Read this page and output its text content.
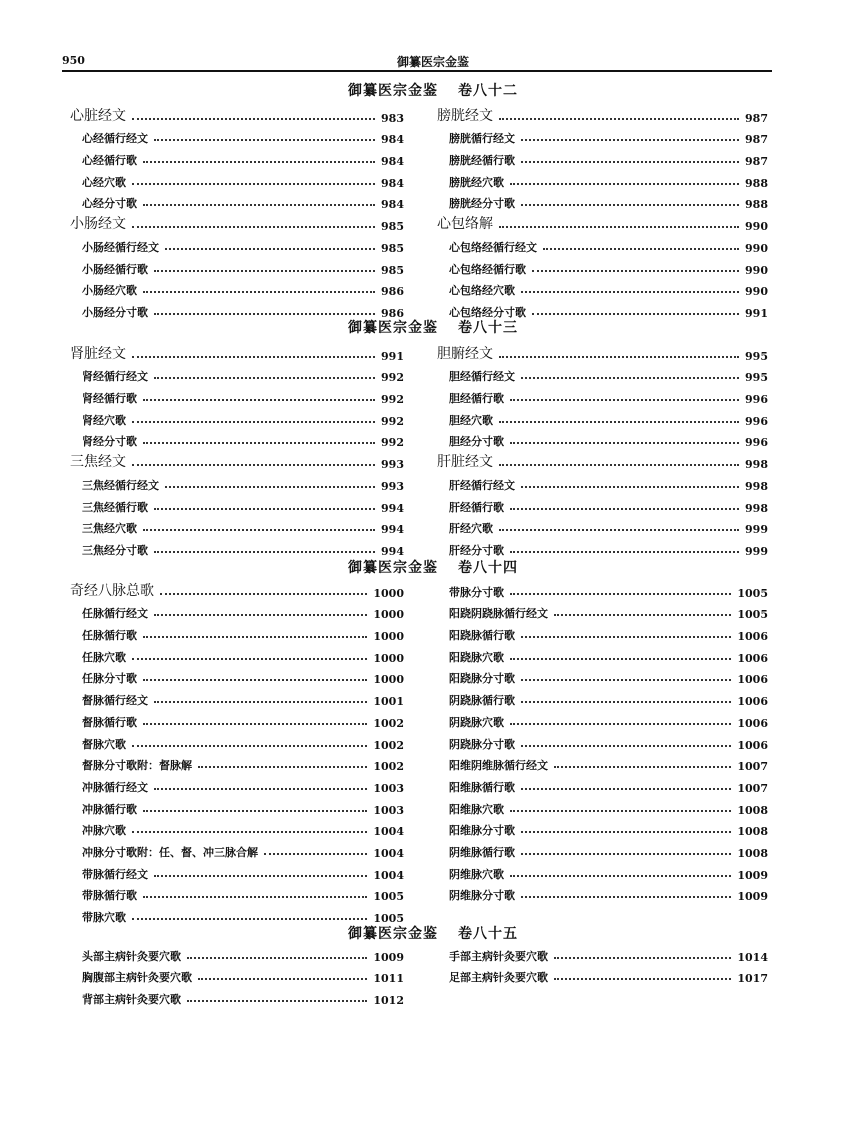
950	御纂医宗金鉴
御纂医宗金鉴 卷八十二
心脏经文	983
心经循行经文	984
心经循行歌	984
心经穴歌	984
心经分寸歌	984
小肠经文	985
小肠经循行经文	985
小肠经循行歌	985
小肠经穴歌	986
小肠经分寸歌	986
膀胱经文	987
膀胱循行经文	987
膀胱经循行歌	987
膀胱经穴歌	988
膀胱经分寸歌	988
心包络解	990
心包络经循行经文	990
心包络经循行歌	990
心包络经穴歌	990
心包络经分寸歌	991
御纂医宗金鉴 卷八十三
肾脏经文	991
肾经循行经文	992
肾经循行歌	992
肾经穴歌	992
肾经分寸歌	992
三焦经文	993
三焦经循行经文	993
三焦经循行歌	994
三焦经穴歌	994
三焦经分寸歌	994
胆腑经文	995
胆经循行经文	995
胆经循行歌	996
胆经穴歌	996
胆经分寸歌	996
肝脏经文	998
肝经循行经文	998
肝经循行歌	998
肝经穴歌	999
肝经分寸歌	999
御纂医宗金鉴 卷八十四
奇经八脉总歌	1000
任脉循行经文	1000
任脉循行歌	1000
任脉穴歌	1000
任脉分寸歌	1000
督脉循行经文	1001
督脉循行歌	1002
督脉穴歌	1002
督脉分寸歌附：督脉解	1002
冲脉循行经文	1003
冲脉循行歌	1003
冲脉穴歌	1004
冲脉分寸歌附：任、督、冲三脉合解	1004
带脉循行经文	1004
带脉循行歌	1005
带脉穴歌	1005
带脉分寸歌	1005
阳跷阴跷脉循行经文	1005
阳跷脉循行歌	1006
阳跷脉穴歌	1006
阳跷脉分寸歌	1006
阴跷脉循行歌	1006
阴跷脉穴歌	1006
阴跷脉分寸歌	1006
阳维阴维脉循行经文	1007
阳维脉循行歌	1007
阳维脉穴歌	1008
阳维脉分寸歌	1008
阴维脉循行歌	1008
阴维脉穴歌	1009
阴维脉分寸歌	1009
御纂医宗金鉴 卷八十五
头部主病针灸要穴歌	1009
胸腹部主病针灸要穴歌	1011
背部主病针灸要穴歌	1012
手部主病针灸要穴歌	1014
足部主病针灸要穴歌	1017
